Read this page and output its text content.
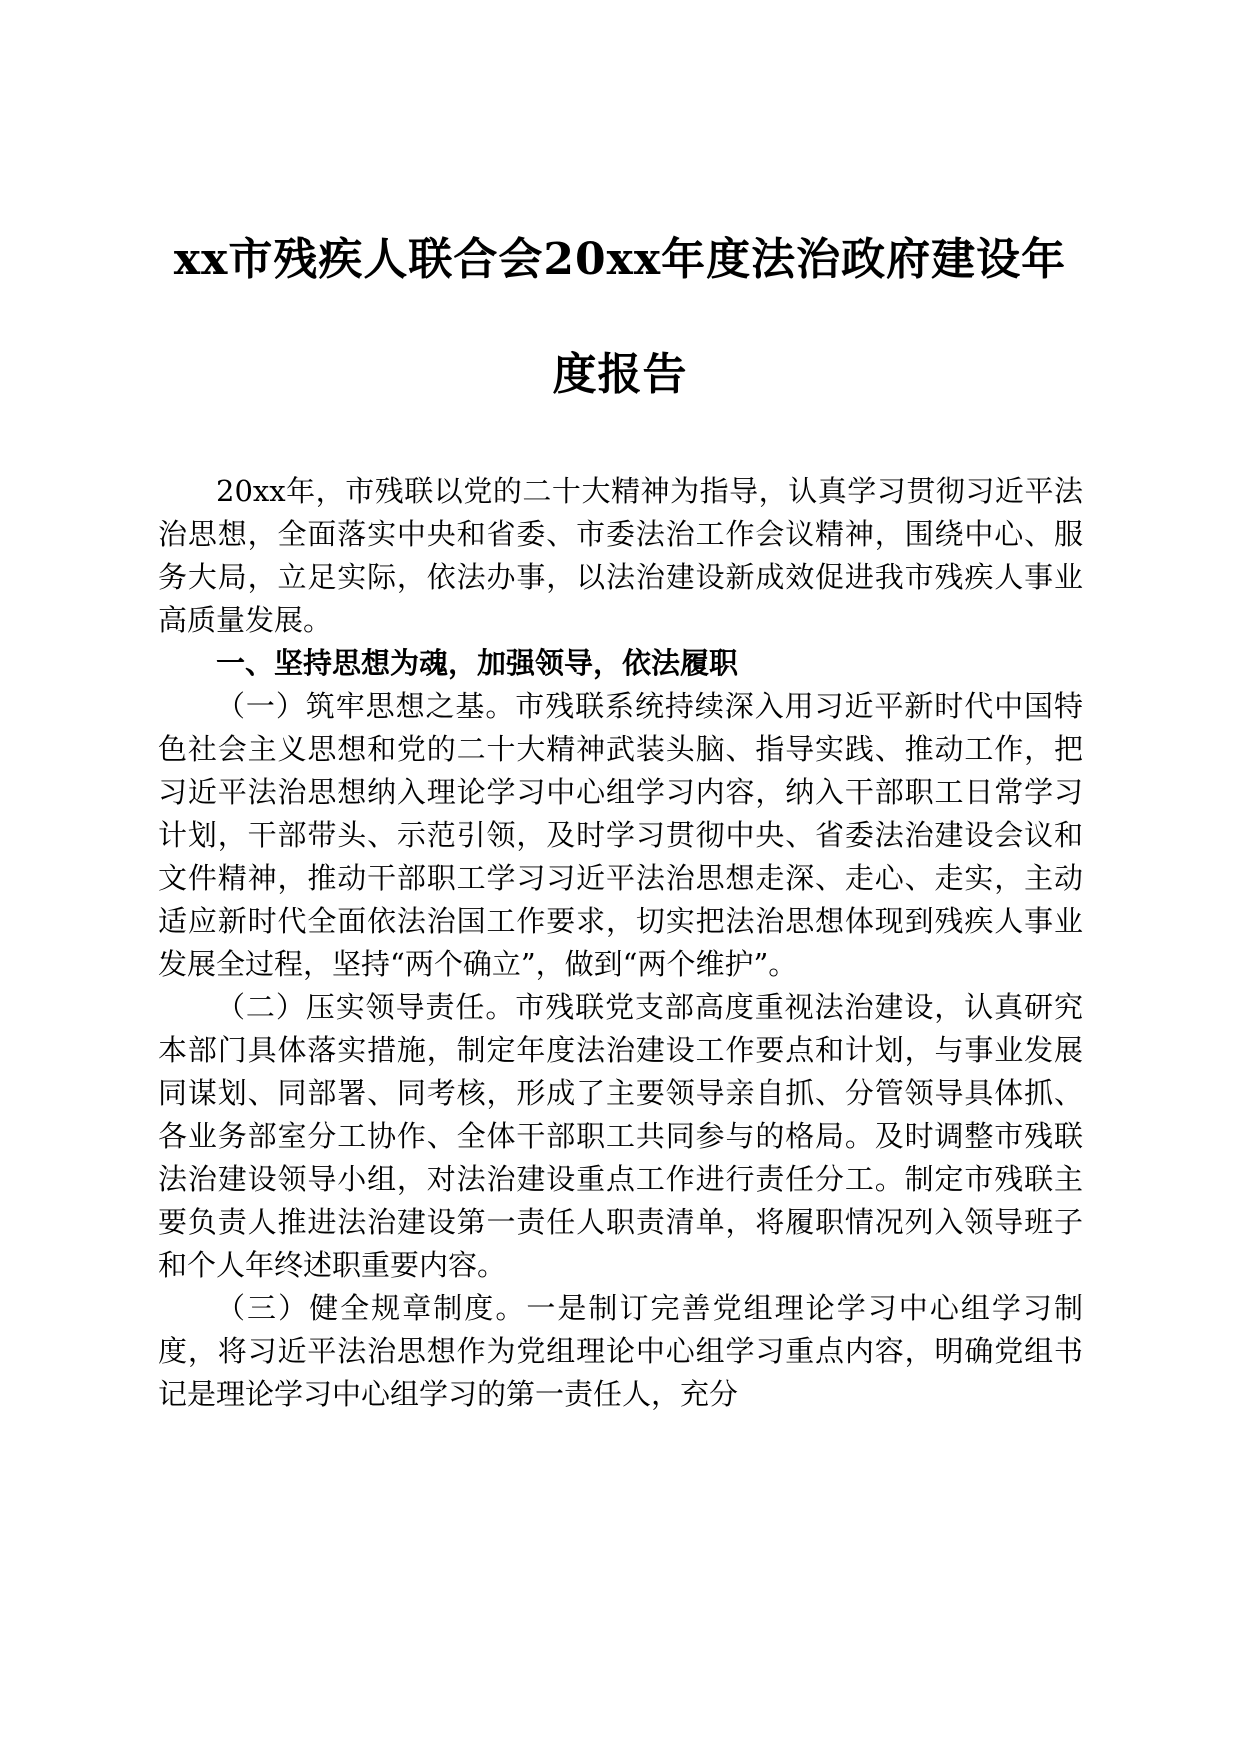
xx市残疾人联合会20xx年度法治政府建设年
度报告

20xx年，市残联以党的二十大精神为指导，认真学习贯彻习近平法治思想，全面落实中央和省委、市委法治工作会议精神，围绕中心、服务大局，立足实际，依法办事，以法治建设新成效促进我市残疾人事业高质量发展。

一、坚持思想为魂，加强领导，依法履职

（一）筑牢思想之基。市残联系统持续深入用习近平新时代中国特色社会主义思想和党的二十大精神武装头脑、指导实践、推动工作，把习近平法治思想纳入理论学习中心组学习内容，纳入干部职工日常学习计划，干部带头、示范引领，及时学习贯彻中央、省委法治建设会议和文件精神，推动干部职工学习习近平法治思想走深、走心、走实，主动适应新时代全面依法治国工作要求，切实把法治思想体现到残疾人事业发展全过程，坚持“两个确立”，做到“两个维护”。

（二）压实领导责任。市残联党支部高度重视法治建设，认真研究本部门具体落实措施，制定年度法治建设工作要点和计划，与事业发展同谋划、同部署、同考核，形成了主要领导亲自抓、分管领导具体抓、各业务部室分工协作、全体干部职工共同参与的格局。及时调整市残联法治建设领导小组，对法治建设重点工作进行责任分工。制定市残联主要负责人推进法治建设第一责任人职责清单，将履职情况列入领导班子和个人年终述职重要内容。

（三）健全规章制度。一是制订完善党组理论学习中心组学习制度，将习近平法治思想作为党组理论中心组学习重点内容，明确党组书记是理论学习中心组学习的第一责任人，充分
